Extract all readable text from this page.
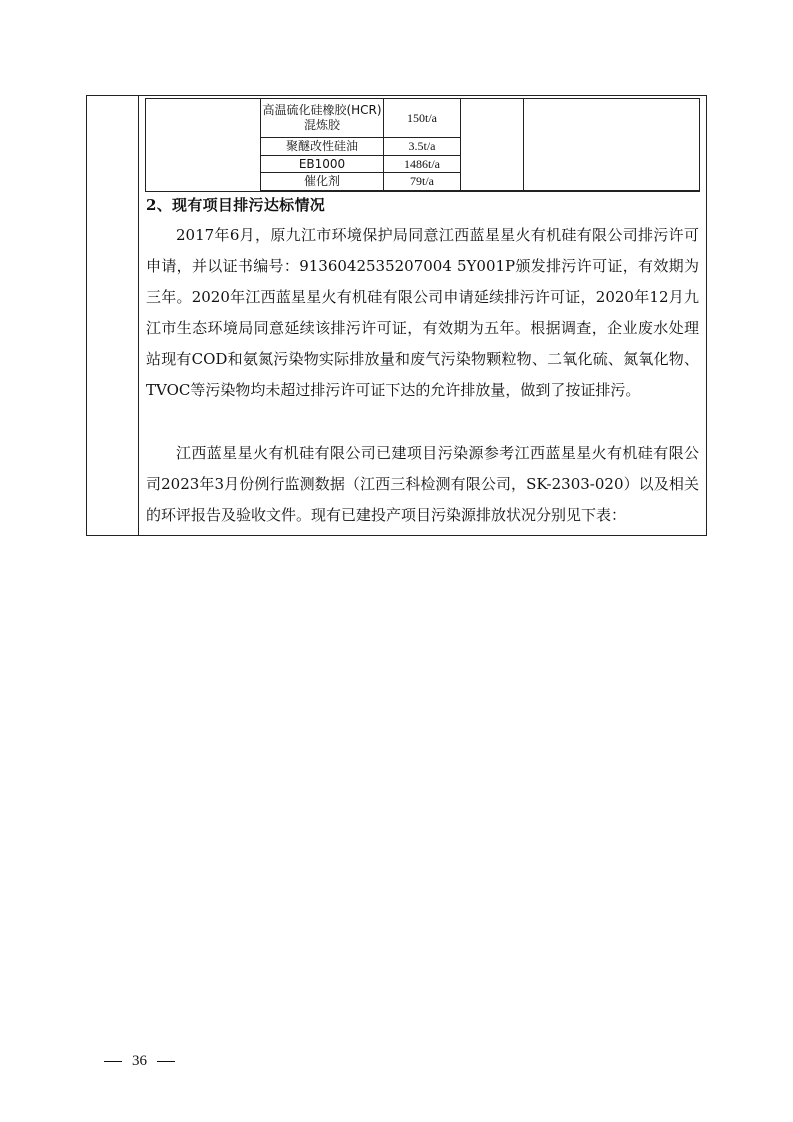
高温硫化硅橡胶(HCR)混炼胶	150t/a		
聚醚改性硅油	3.5t/a		
EB1000	1486t/a		
催化剂	79t/a		
2、现有项目排污达标情况

2017年6月，原九江市环境保护局同意江西蓝星星火有机硅有限公司排污许可申请，并以证书编号：9136042535207004 5Y001P颁发排污许可证，有效期为三年。2020年江西蓝星星火有机硅有限公司申请延续排污许可证，2020年12月九江市生态环境局同意延续该排污许可证，有效期为五年。根据调查，企业废水处理站现有COD和氨氮污染物实际排放量和废气污染物颗粒物、二氧化硫、氮氧化物、TVOC等污染物均未超过排污许可证下达的允许排放量，做到了按证排污。

江西蓝星星火有机硅有限公司已建项目污染源参考江西蓝星星火有机硅有限公司2023年3月份例行监测数据（江西三科检测有限公司，SK-2303-020）以及相关的环评报告及验收文件。现有已建投产项目污染源排放状况分别见下表：

36
